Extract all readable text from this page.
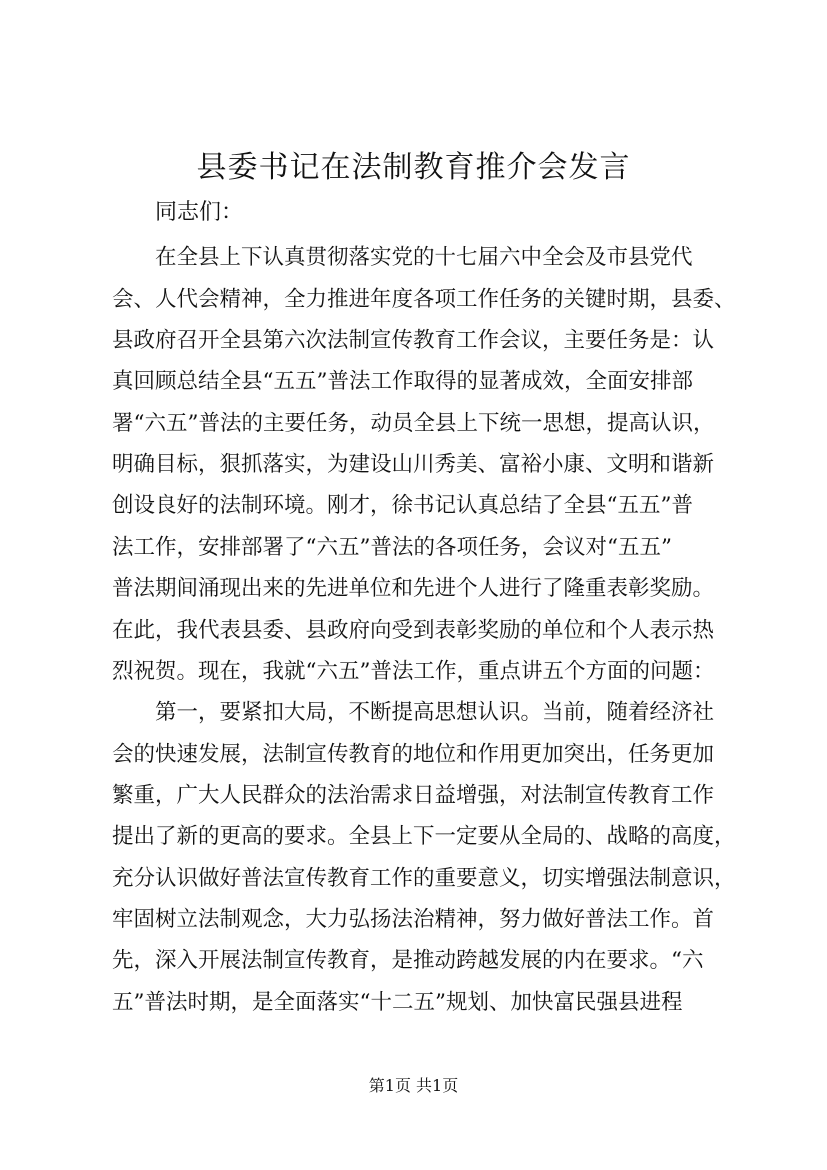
县委书记在法制教育推介会发言
同志们：
在全县上下认真贯彻落实党的十七届六中全会及市县党代
会、人代会精神，全力推进年度各项工作任务的关键时期，县委、
县政府召开全县第六次法制宣传教育工作会议，主要任务是：认
真回顾总结全县“五五”普法工作取得的显著成效，全面安排部
署“六五”普法的主要任务，动员全县上下统一思想，提高认识，
明确目标，狠抓落实，为建设山川秀美、富裕小康、文明和谐新
创设良好的法制环境。刚才，徐书记认真总结了全县“五五”普
法工作，安排部署了“六五”普法的各项任务，会议对“五五”
普法期间涌现出来的先进单位和先进个人进行了隆重表彰奖励。
在此，我代表县委、县政府向受到表彰奖励的单位和个人表示热
烈祝贺。现在，我就“六五”普法工作，重点讲五个方面的问题：
第一，要紧扣大局，不断提高思想认识。当前，随着经济社
会的快速发展，法制宣传教育的地位和作用更加突出，任务更加
繁重，广大人民群众的法治需求日益增强，对法制宣传教育工作
提出了新的更高的要求。全县上下一定要从全局的、战略的高度，
充分认识做好普法宣传教育工作的重要意义，切实增强法制意识，
牢固树立法制观念，大力弘扬法治精神，努力做好普法工作。首
先，深入开展法制宣传教育，是推动跨越发展的内在要求。“六
五”普法时期，是全面落实“十二五”规划、加快富民强县进程
第1页 共1页
